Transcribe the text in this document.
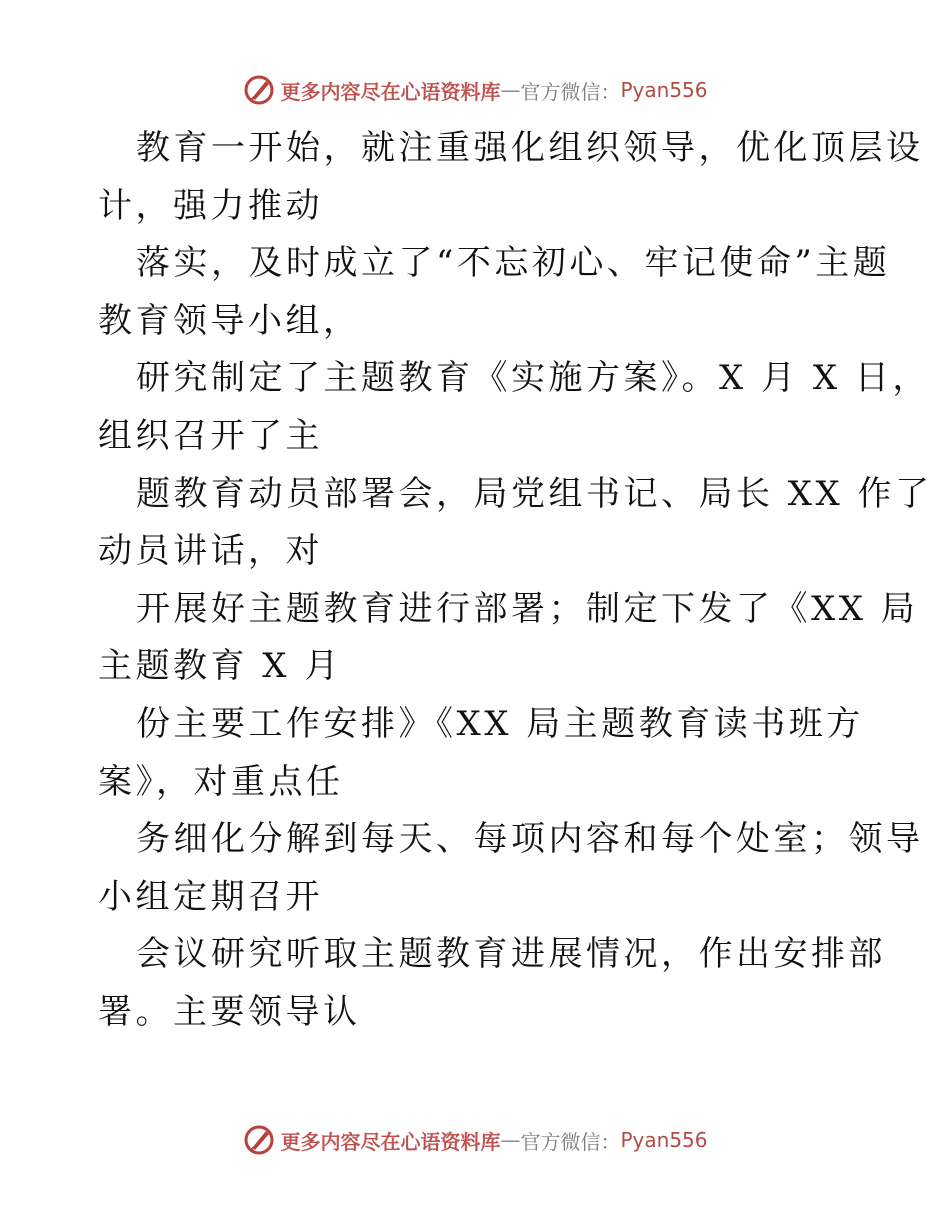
更多内容尽在心语资料库 — 官方微信： Pyan556
教育一开始，就注重强化组织领导，优化顶层设
计，强力推动
落实，及时成立了“不忘初心、牢记使命”主题
教育领导小组，
研究制定了主题教育《实施方案》。X 月 X 日，
组织召开了主
题教育动员部署会，局党组书记、局长 XX 作了
动员讲话，对
开展好主题教育进行部署；制定下发了《XX 局
主题教育 X 月
份主要工作安排》《XX 局主题教育读书班方
案》，对重点任
务细化分解到每天、每项内容和每个处室；领导
小组定期召开
会议研究听取主题教育进展情况，作出安排部
署。主要领导认
更多内容尽在心语资料库 — 官方微信： Pyan556
